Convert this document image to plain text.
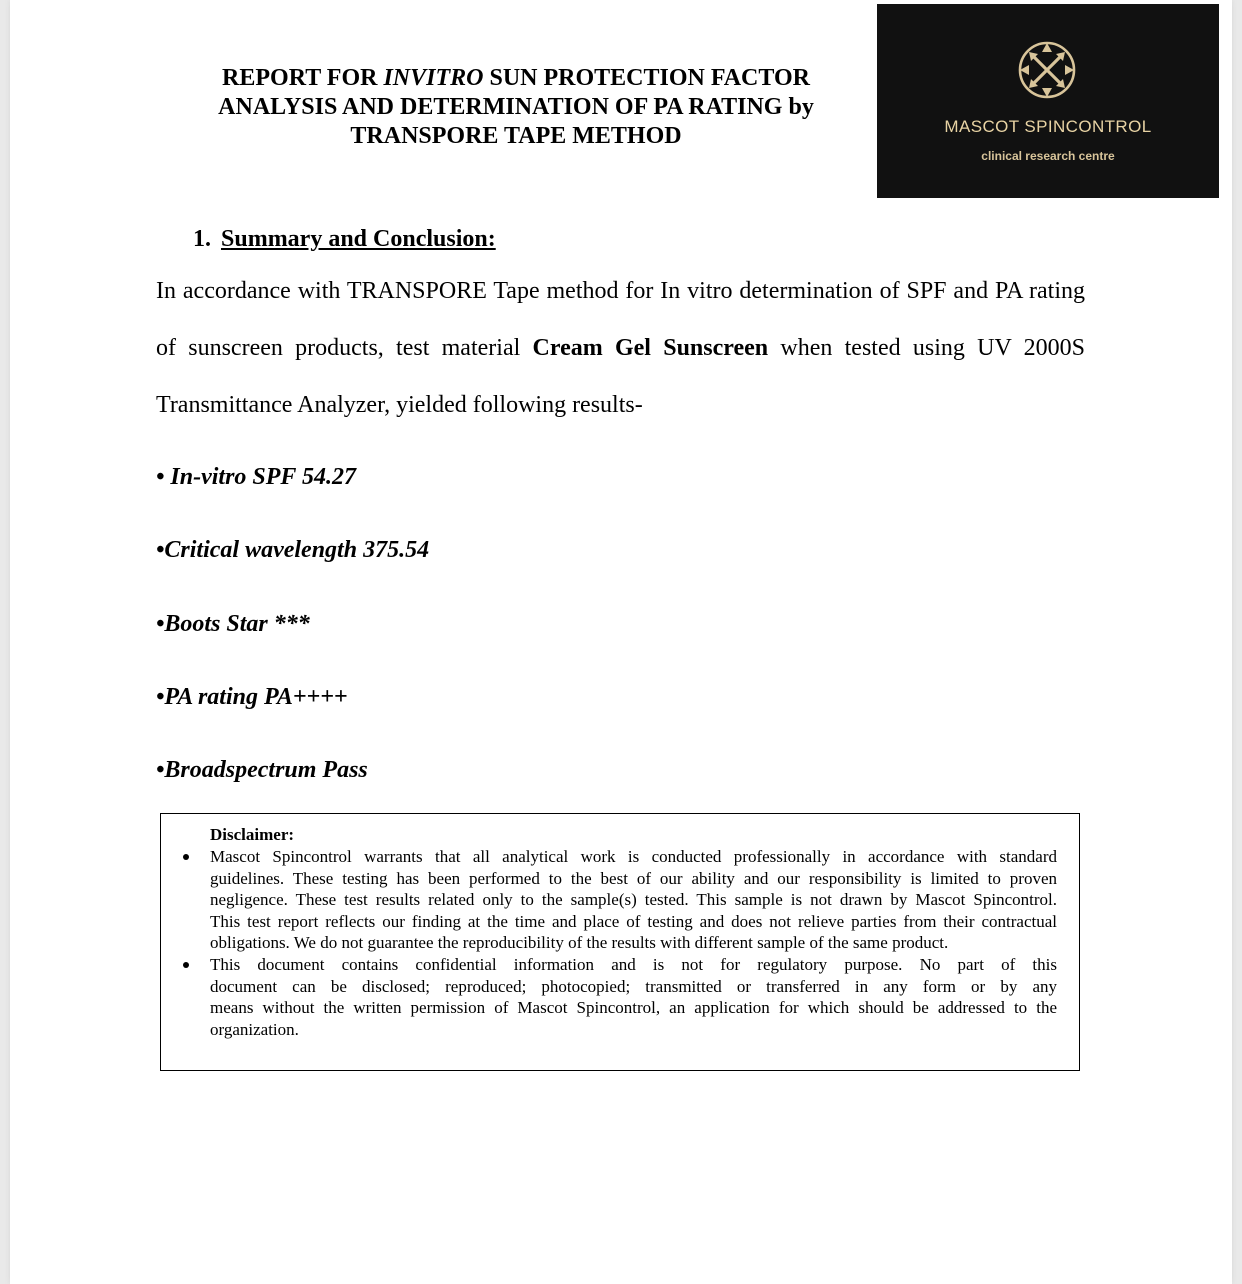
REPORT FOR INVITRO SUN PROTECTION FACTOR
ANALYSIS AND DETERMINATION OF PA RATING by
TRANSPORE TAPE METHOD	MASCOT SPINCONTROL
clinical research centre
1. Summary and Conclusion:
In accordance with TRANSPORE Tape method for In vitro determination of SPF and PA rating
of sunscreen products, test material Cream Gel Sunscreen when tested using UV 2000S
Transmittance Analyzer, yielded following results-
• In-vitro SPF 54.27
•Critical wavelength 375.54
•Boots Star ***
•PA rating PA++++
•Broadspectrum Pass
Disclaimer:
Mascot Spincontrol warrants that all analytical work is conducted professionally in accordance with standard
guidelines. These testing has been performed to the best of our ability and our responsibility is limited to proven
negligence. These test results related only to the sample(s) tested. This sample is not drawn by Mascot Spincontrol.
This test report reflects our finding at the time and place of testing and does not relieve parties from their contractual
obligations. We do not guarantee the reproducibility of the results with different sample of the same product.
This document contains confidential information and is not for regulatory purpose. No part of this
document can be disclosed; reproduced; photocopied; transmitted or transferred in any form or by any
means without the written permission of Mascot Spincontrol, an application for which should be addressed to the
organization.
